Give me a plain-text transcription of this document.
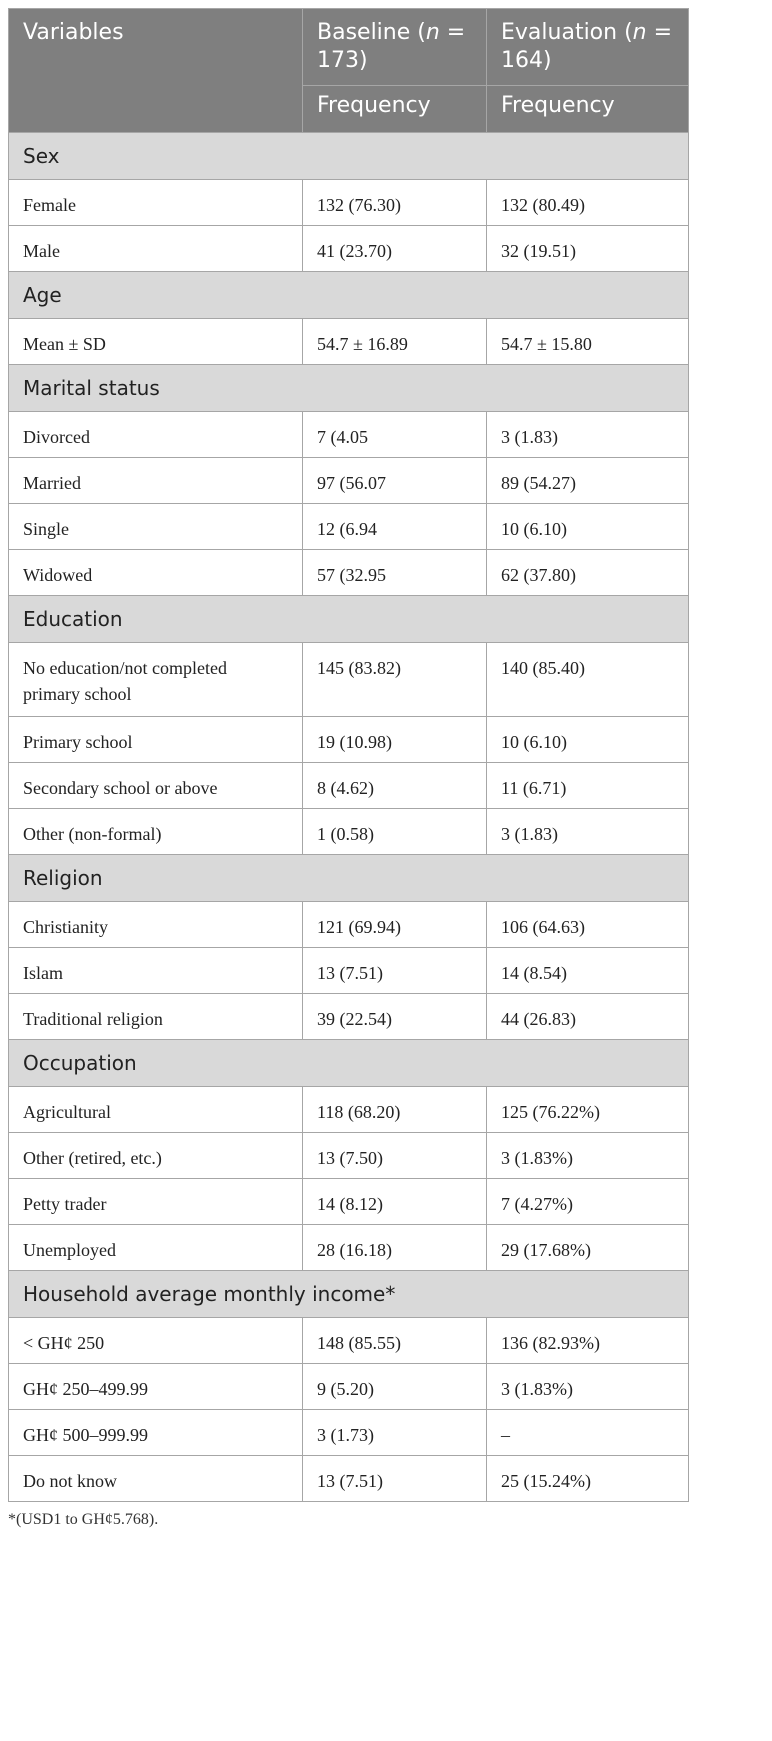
Variables	Baseline (n = 173)	Evaluation (n = 164)
	Frequency	Frequency
Sex		
Female	132 (76.30)	132 (80.49)
Male	41 (23.70)	32 (19.51)
Age		
Mean ± SD	54.7 ± 16.89	54.7 ± 15.80
Marital status		
Divorced	7 (4.05	3 (1.83)
Married	97 (56.07	89 (54.27)
Single	12 (6.94	10 (6.10)
Widowed	57 (32.95	62 (37.80)
Education		
No education/not completed primary school	145 (83.82)	140 (85.40)
Primary school	19 (10.98)	10 (6.10)
Secondary school or above	8 (4.62)	11 (6.71)
Other (non-formal)	1 (0.58)	3 (1.83)
Religion		
Christianity	121 (69.94)	106 (64.63)
Islam	13 (7.51)	14 (8.54)
Traditional religion	39 (22.54)	44 (26.83)
Occupation		
Agricultural	118 (68.20)	125 (76.22%)
Other (retired, etc.)	13 (7.50)	3 (1.83%)
Petty trader	14 (8.12)	7 (4.27%)
Unemployed	28 (16.18)	29 (17.68%)
Household average monthly income*		
< GH¢ 250	148 (85.55)	136 (82.93%)
GH¢ 250–499.99	9 (5.20)	3 (1.83%)
GH¢ 500–999.99	3 (1.73)	–
Do not know	13 (7.51)	25 (15.24%)
*(USD1 to GH¢5.768).
